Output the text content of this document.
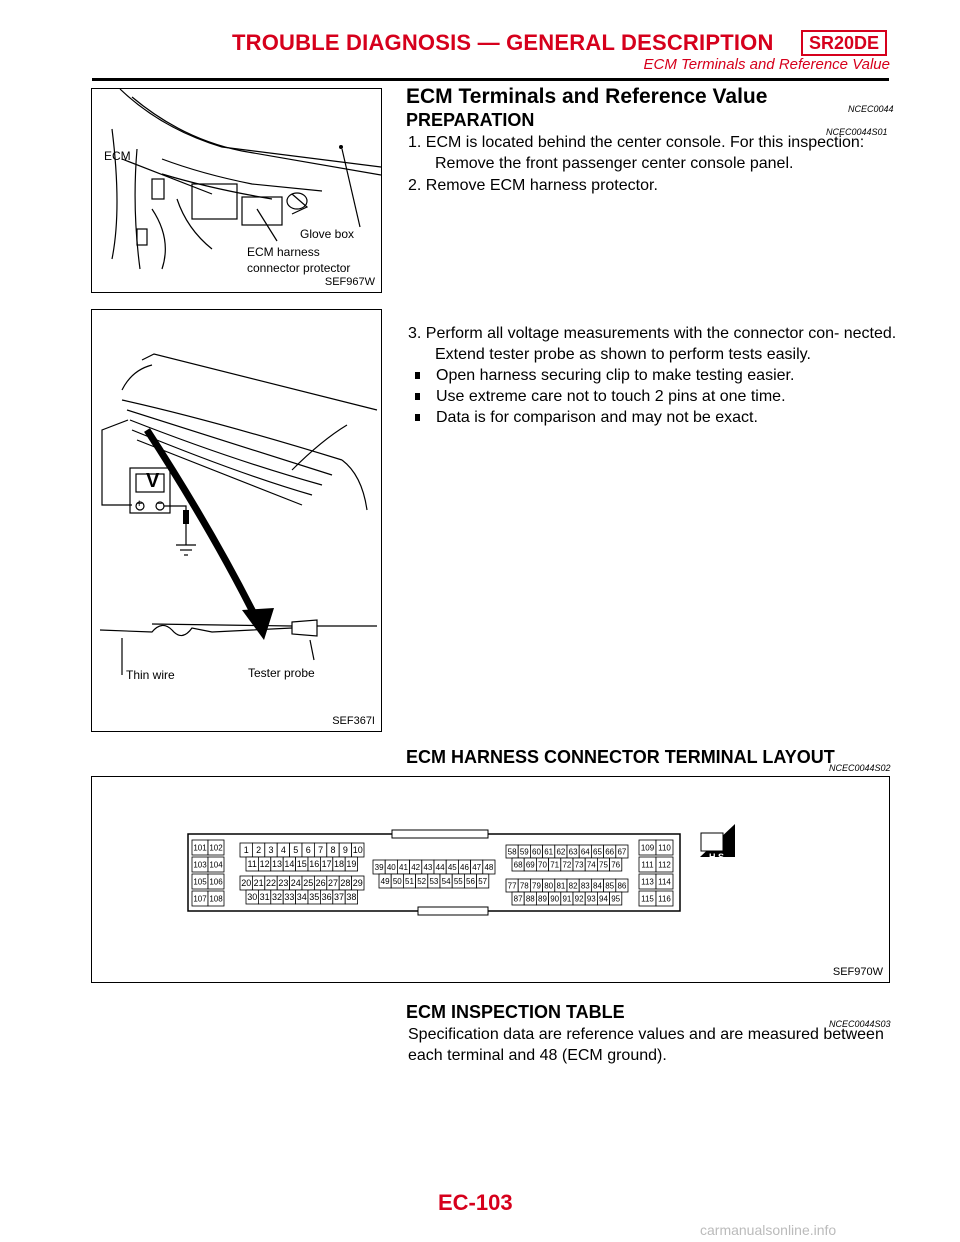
TROUBLE DIAGNOSIS — GENERAL DESCRIPTION	SR20DE
ECM Terminals and Reference Value
ECM
Glove box
ECM harness
connector protector
SEF967W
ECM Terminals and Reference Value
NCEC0044
PREPARATION
NCEC0044S01
1. ECM is located behind the center console. For this inspection: Remove the front passenger center console panel.
2. Remove ECM harness protector.
V
+ −
Thin wire	Tester probe
SEF367I
3. Perform all voltage measurements with the connector con- nected. Extend tester probe as shown to perform tests easily.
Open harness securing clip to make testing easier.
Use extreme care not to touch 2 pins at one time.
Data is for comparison and may not be exact.
ECM HARNESS CONNECTOR TERMINAL LAYOUT
NCEC0044S02
101 102
103 104
105 106
107 108
1 2 3 4 5 6 7 8 9 10
11 12 13 14 15 16 17 18 19
20 21 22 23 24 25 26 27 28 29
30 31 32 33 34 35 36 37 38
39 40 41 42 43 44 45 46 47 48
49 50 51 52 53 54 55 56 57
58 59 60 61 62 63 64 65 66 67
68 69 70 71 72 73 74 75 76
77 78 79 80 81 82 83 84 85 86
87 88 89 90 91 92 93 94 95
109 110
111 112
113 114
115 116
H.S.
SEF970W
ECM INSPECTION TABLE
NCEC0044S03
Specification data are reference values and are measured between each terminal and 48 (ECM ground).
EC-103
carmanualsonline.info
